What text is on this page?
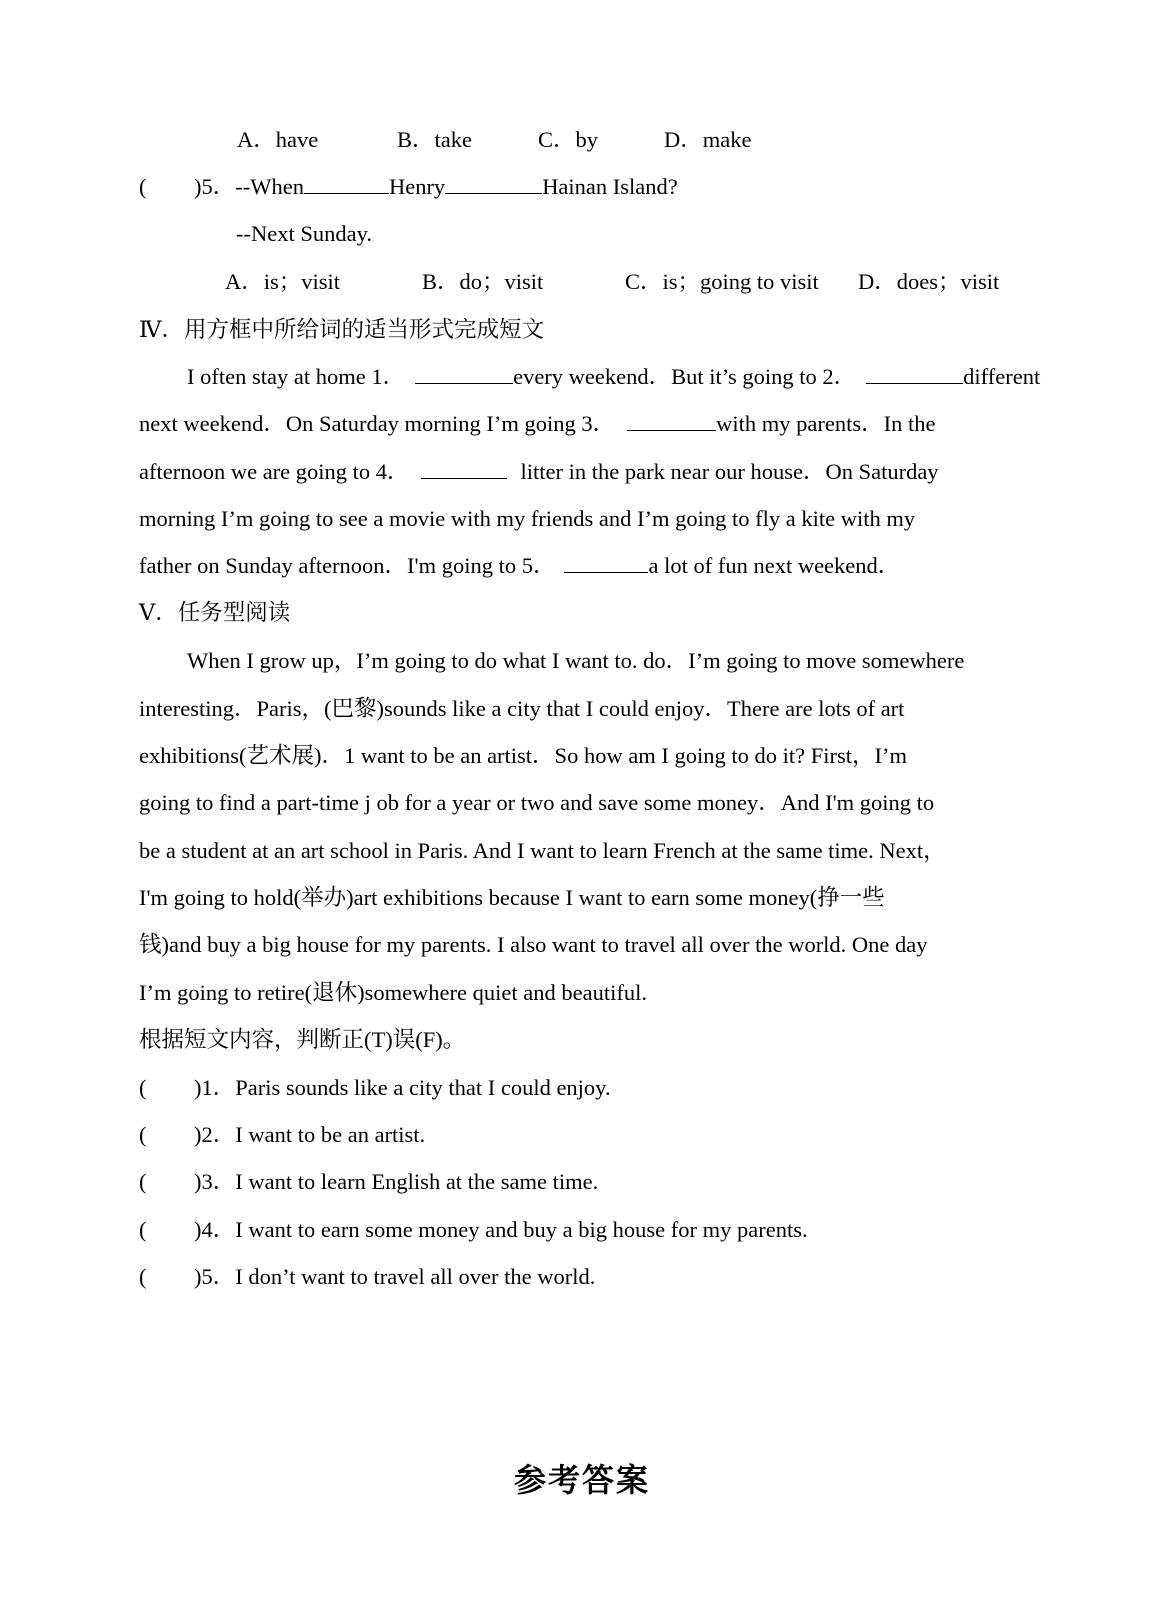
A．have	B．take	C．by	D．make
( )5．--When	Henry	Hainan Island?
--Next Sunday.
A．is；visit	B．do；visit	C．is；going to visit D．does；visit
Ⅳ．用方框中所给词的适当形式完成短文
I often stay at home 1．	every weekend．But it’s going to 2．	different
next weekend．On Saturday morning I’m going 3．	with my parents．In the
afternoon we are going to 4．	litter in the park near our house．On Saturday
morning I’m going to see a movie with my friends and I’m going to fly a kite with my
father on Sunday afternoon．I'm going to 5．	a lot of fun next weekend．
Ⅴ．任务型阅读
When I grow up，I’m going to do what I want to. do．I’m going to move somewhere
interesting．Paris，(巴黎)sounds like a city that I could enjoy．There are lots of art
exhibitions(艺术展)．1 want to be an artist．So how am I going to do it? First，I’m
going to find a part-time j ob for a year or two and save some money．And I'm going to
be a student at an art school in Paris. And I want to learn French at the same time. Next，
I'm going to hold(举办)art exhibitions because I want to earn some money(挣一些
钱)and buy a big house for my parents. I also want to travel all over the world. One day
I’m going to retire(退休)somewhere quiet and beautiful.
根据短文内容，判断正(T)误(F)。
( )1．Paris sounds like a city that I could enjoy.
( )2．I want to be an artist.
( )3．I want to learn English at the same time.
( )4．I want to earn some money and buy a big house for my parents.
( )5．I don’t want to travel all over the world.
参考答案
